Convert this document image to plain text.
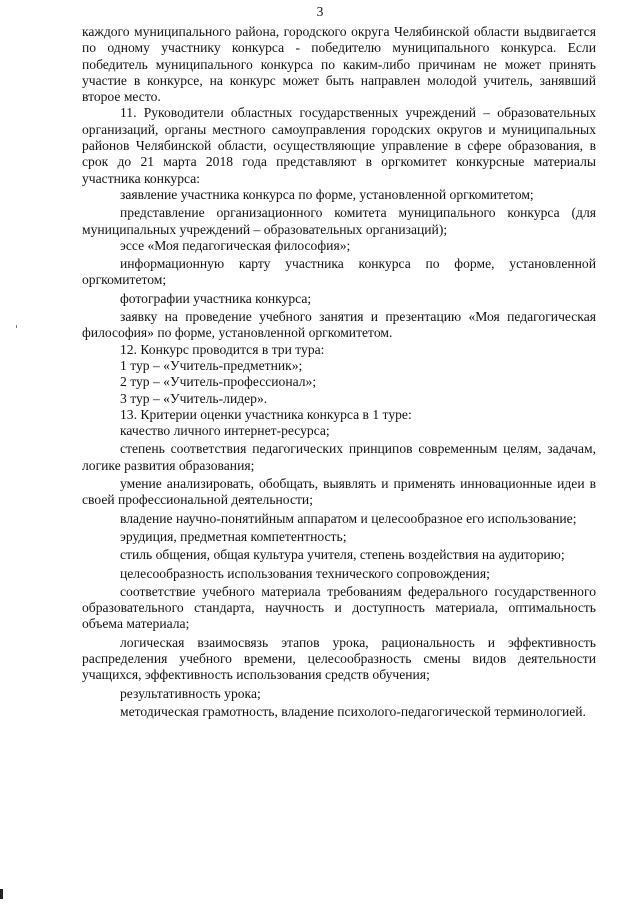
3

каждого муниципального района, городского округа Челябинской области выдвигается по одному участнику конкурса - победителю муниципального конкурса. Если победитель муниципального конкурса по каким-либо причинам не может принять участие в конкурсе, на конкурс может быть направлен молодой учитель, занявший второе место.

11. Руководители областных государственных учреждений – образовательных организаций, органы местного самоуправления городских округов и муниципальных районов Челябинской области, осуществляющие управление в сфере образования, в срок до 21 марта 2018 года представляют в оргкомитет конкурсные материалы участника конкурса:

заявление участника конкурса по форме, установленной оргкомитетом;

представление организационного комитета муниципального конкурса (для муниципальных учреждений – образовательных организаций);

эссе «Моя педагогическая философия»;

информационную карту участника конкурса по форме, установленной оргкомитетом;

фотографии участника конкурса;

заявку на проведение учебного занятия и презентацию «Моя педагогическая философия» по форме, установленной оргкомитетом.

12. Конкурс проводится в три тура:

1 тур – «Учитель-предметник»;

2 тур – «Учитель-профессионал»;

3 тур – «Учитель-лидер».

13. Критерии оценки участника конкурса в 1 туре:

качество личного интернет-ресурса;

степень соответствия педагогических принципов современным целям, задачам, логике развития образования;

умение анализировать, обобщать, выявлять и применять инновационные идеи в своей профессиональной деятельности;

владение научно-понятийным аппаратом и целесообразное его использование;

эрудиция, предметная компетентность;

стиль общения, общая культура учителя, степень воздействия на аудиторию;

целесообразность использования технического сопровождения;

соответствие учебного материала требованиям федерального государственного образовательного стандарта, научность и доступность материала, оптимальность объема материала;

логическая взаимосвязь этапов урока, рациональность и эффективность распределения учебного времени, целесообразность смены видов деятельности учащихся, эффективность использования средств обучения;

результативность урока;

методическая грамотность, владение психолого-педагогической терминологией.
